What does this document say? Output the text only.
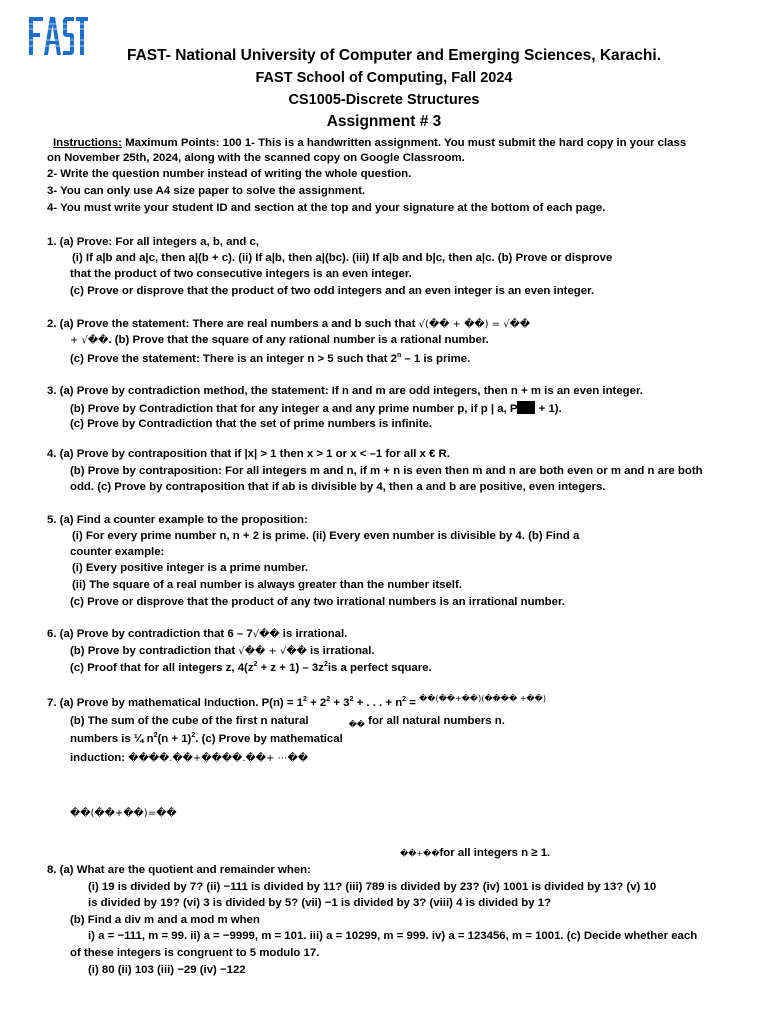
FAST- National University of Computer and Emerging Sciences, Karachi.
FAST School of Computing, Fall 2024
CS1005-Discrete Structures
Assignment # 3
Instructions: Maximum Points: 100 1- This is a handwritten assignment. You must submit the hard copy in your class
on November 25th, 2024, along with the scanned copy on Google Classroom.
2- Write the question number instead of writing the whole question.
3- You can only use A4 size paper to solve the assignment.
4- You must write your student ID and section at the top and your signature at the bottom of each page.
1. (a) Prove: For all integers a, b, and c,
(i) If a|b and a|c, then a|(b + c). (ii) If a|b, then a|(bc). (iii) If a|b and b|c, then a|c. (b) Prove or disprove
that the product of two consecutive integers is an even integer.
(c) Prove or disprove that the product of two odd integers and an even integer is an even integer.
2. (a) Prove the statement: There are real numbers a and b such that √(�� + ��) = √��
+ √��. (b) Prove that the square of any rational number is a rational number.
(c) Prove the statement: There is an integer n > 5 such that 2$^n$ – 1 is prime.
3. (a) Prove by contradiction method, the statement: If n and m are odd integers, then n + m is an even integer.
(b) Prove by Contradiction that for any integer a and any prime number p, if p | a, P + 1).
(c) Prove by Contradiction that the set of prime numbers is infinite.
4. (a) Prove by contraposition that if |x| > 1 then x > 1 or x < –1 for all x € R.
(b) Prove by contraposition: For all integers m and n, if m + n is even then m and n are both even or m and n are both
odd. (c) Prove by contraposition that if ab is divisible by 4, then a and b are positive, even integers.
5. (a) Find a counter example to the proposition:
(i) For every prime number n, n + 2 is prime. (ii) Every even number is divisible by 4. (b) Find a
counter example:
(i) Every positive integer is a prime number.
(ii) The square of a real number is always greater than the number itself.
(c) Prove or disprove that the product of any two irrational numbers is an irrational number.
6. (a) Prove by contradiction that 6 – 7√�� is irrational.
(b) Prove by contradiction that √�� + √�� is irrational.
(c) Proof that for all integers z, $4(z^2 + z + 1) - 3z^2is$ a perfect square.
7. (a) Prove by mathematical Induction. $P(n) = 1^2 + 2^2 + 3^2$ + . . . + $n^2 = ^{��(��+��)(���� +��)}$
(b) The sum of the cube of the first n natural	$_{��}$ for all natural numbers n.
numbers is ¼ $n^2(n + 1)^2$. (c) Prove by mathematical
induction: ����.��+����.��+ ⋯��
��(��+��)=��
��+��for all integers n ≥ 1.
8. (a) What are the quotient and remainder when:
(i) 19 is divided by 7? (ii) −111 is divided by 11? (iii) 789 is divided by 23? (iv) 1001 is divided by 13? (v) 10
is divided by 19? (vi) 3 is divided by 5? (vii) −1 is divided by 3? (viii) 4 is divided by 1?
(b) Find a div m and a mod m when
i) a = −111, m = 99. ii) a = −9999, m = 101. iii) a = 10299, m = 999. iv) a = 123456, m = 1001. (c) Decide whether each
of these integers is congruent to 5 modulo 17.
(i) 80 (ii) 103 (iii) −29 (iv) −122
